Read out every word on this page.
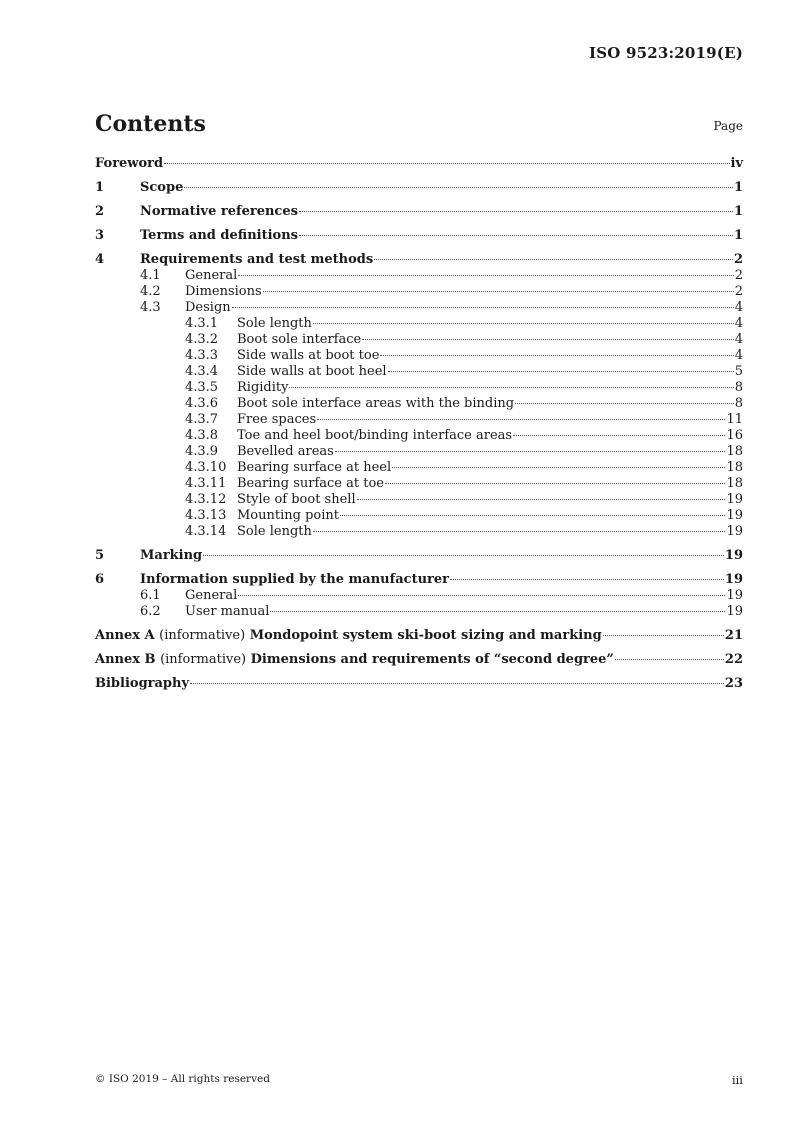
ISO 9523:2019(E)
Contents	Page
Foreword	iv
1	Scope	1
2	Normative references	1
3	Terms and definitions	1
4	Requirements and test methods	2
4.1	General	2
4.2	Dimensions	2
4.3	Design	4
4.3.1	Sole length	4
4.3.2	Boot sole interface	4
4.3.3	Side walls at boot toe	4
4.3.4	Side walls at boot heel	5
4.3.5	Rigidity	8
4.3.6	Boot sole interface areas with the binding	8
4.3.7	Free spaces	11
4.3.8	Toe and heel boot/binding interface areas	16
4.3.9	Bevelled areas	18
4.3.10 Bearing surface at heel	18
4.3.11 Bearing surface at toe	18
4.3.12 Style of boot shell	19
4.3.13 Mounting point	19
4.3.14 Sole length	19
5	Marking	19
6	Information supplied by the manufacturer	19
6.1	General	19
6.2	User manual	19
Annex A (informative) Mondopoint system ski-boot sizing and marking	21
Annex B (informative) Dimensions and requirements of “second degree”	22
Bibliography	23
© ISO 2019 – All rights reserved	iii
